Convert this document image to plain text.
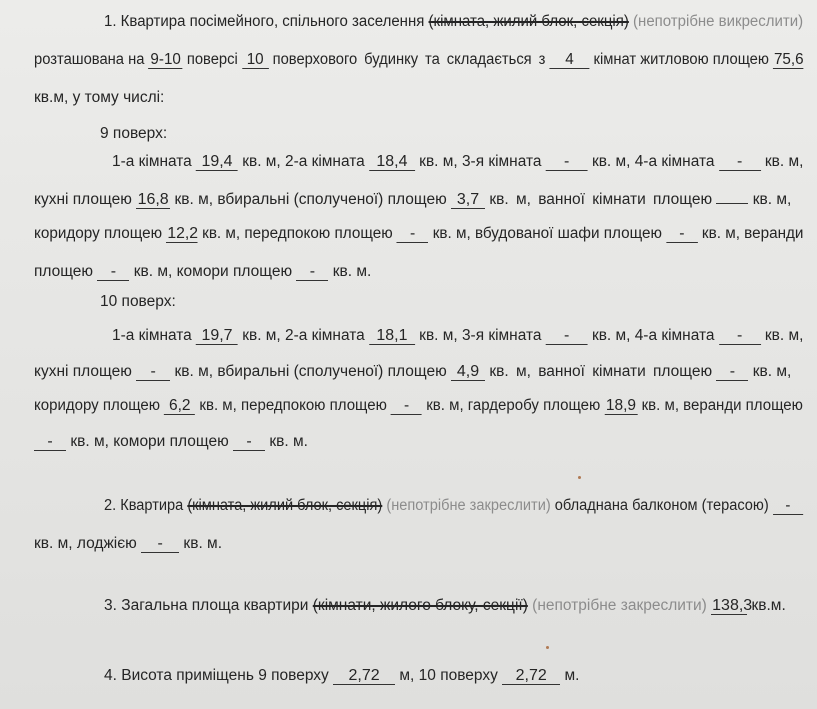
1. Квартира посімейного, спільного заселення (кімната, жилий блок, секція) (непотрібне викреслити)
розташована на 9-10 поверсі 10 поверхового будинку та складається з 4 кімнат житловою площею 75,6
кв.м, у тому числі:
9 поверх:
1-а кімната 19,4 кв. м, 2-а кімната 18,4 кв. м, 3-я кімната - кв. м, 4-а кімната - кв. м,
кухні площею 16,8 кв. м, вбиральні (сполученої) площею 3,7 кв. м, ванної кімнати площею	кв. м,
коридору площею 12,2 кв. м, передпокою площею - кв. м, вбудованої шафи площею - кв. м, веранди
площею - кв. м, комори площею - кв. м.
10 поверх:
1-а кімната 19,7 кв. м, 2-а кімната 18,1 кв. м, 3-я кімната - кв. м, 4-а кімната - кв. м,
кухні площею - кв. м, вбиральні (сполученої) площею 4,9 кв. м, ванної кімнати площею - кв. м,
коридору площею 6,2 кв. м, передпокою площею - кв. м, гардеробу площею 18,9 кв. м, веранди площею
- кв. м, комори площею - кв. м.
2. Квартира (кімната, жилий блок, секція) (непотрібне закреслити) обладнана балконом (терасою) -
кв. м, лоджією - кв. м.
3. Загальна площа квартири (кімнати, жилого блоку, секції) (непотрібне закреслити) 138,3 кв.м.
4. Висота приміщень 9 поверху 2,72 м, 10 поверху 2,72 м.
